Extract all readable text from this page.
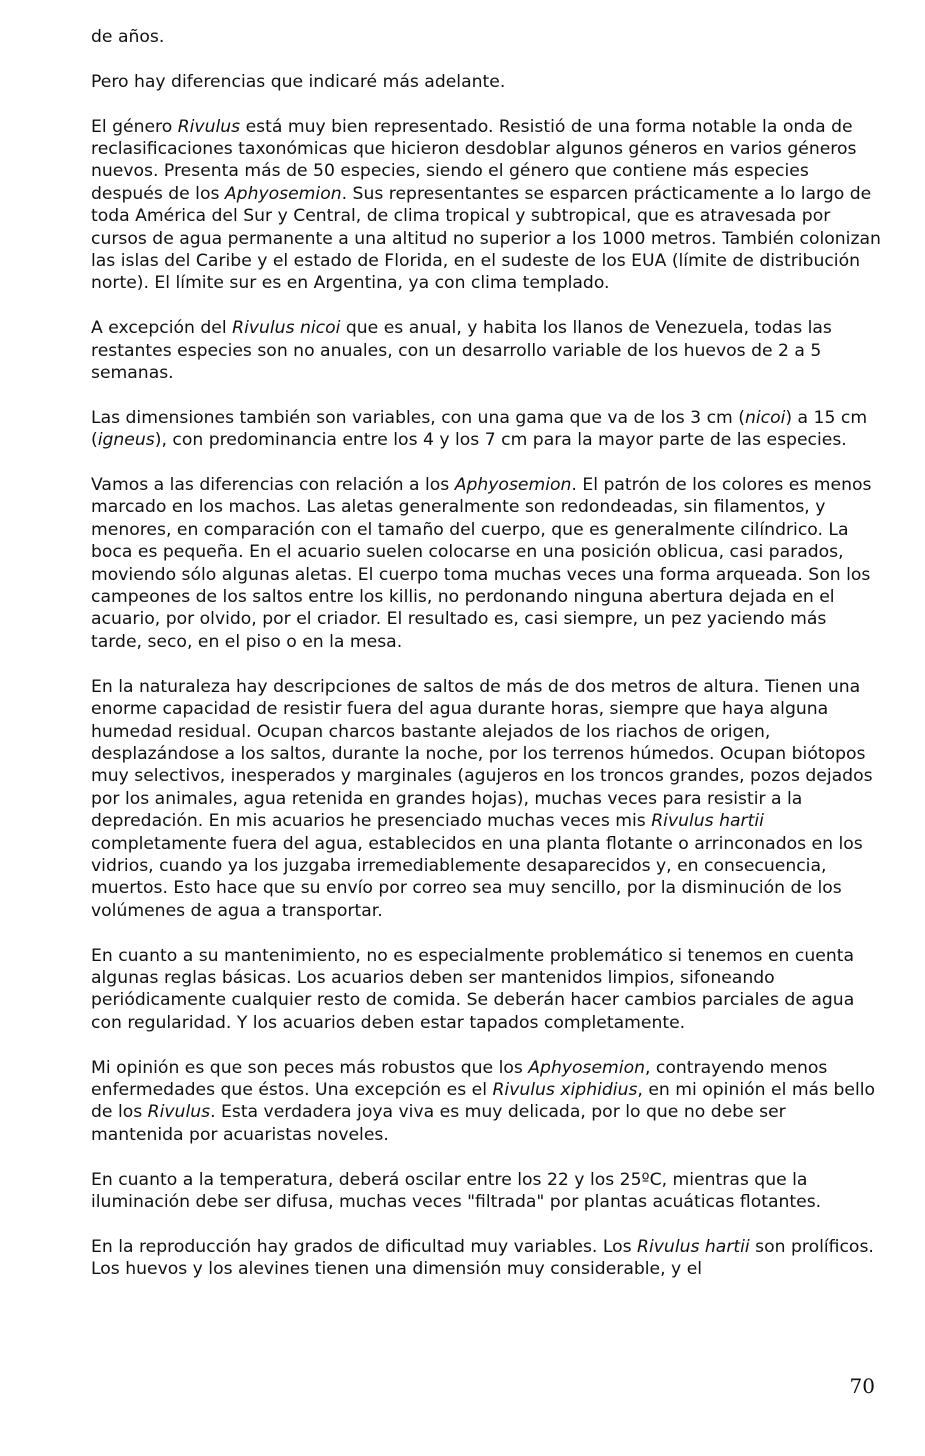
de años.

Pero hay diferencias que indicaré más adelante.

El género Rivulus está muy bien representado. Resistió de una forma notable la onda de reclasificaciones taxonómicas que hicieron desdoblar algunos géneros en varios géneros nuevos. Presenta más de 50 especies, siendo el género que contiene más especies después de los Aphyosemion. Sus representantes se esparcen prácticamente a lo largo de toda América del Sur y Central, de clima tropical y subtropical, que es atravesada por cursos de agua permanente a una altitud no superior a los 1000 metros. También colonizan las islas del Caribe y el estado de Florida, en el sudeste de los EUA (límite de distribución norte). El límite sur es en Argentina, ya con clima templado.

A excepción del Rivulus nicoi que es anual, y habita los llanos de Venezuela, todas las restantes especies son no anuales, con un desarrollo variable de los huevos de 2 a 5 semanas.

Las dimensiones también son variables, con una gama que va de los 3 cm (nicoi) a 15 cm (igneus), con predominancia entre los 4 y los 7 cm para la mayor parte de las especies.

Vamos a las diferencias con relación a los Aphyosemion. El patrón de los colores es menos marcado en los machos. Las aletas generalmente son redondeadas, sin filamentos, y menores, en comparación con el tamaño del cuerpo, que es generalmente cilíndrico. La boca es pequeña. En el acuario suelen colocarse en una posición oblicua, casi parados, moviendo sólo algunas aletas. El cuerpo toma muchas veces una forma arqueada. Son los campeones de los saltos entre los killis, no perdonando ninguna abertura dejada en el acuario, por olvido, por el criador. El resultado es, casi siempre, un pez yaciendo más tarde, seco, en el piso o en la mesa.

En la naturaleza hay descripciones de saltos de más de dos metros de altura. Tienen una enorme capacidad de resistir fuera del agua durante horas, siempre que haya alguna humedad residual. Ocupan charcos bastante alejados de los riachos de origen, desplazándose a los saltos, durante la noche, por los terrenos húmedos. Ocupan biótopos muy selectivos, inesperados y marginales (agujeros en los troncos grandes, pozos dejados por los animales, agua retenida en grandes hojas), muchas veces para resistir a la depredación. En mis acuarios he presenciado muchas veces mis Rivulus hartii completamente fuera del agua, establecidos en una planta flotante o arrinconados en los vidrios, cuando ya los juzgaba irremediablemente desaparecidos y, en consecuencia, muertos. Esto hace que su envío por correo sea muy sencillo, por la disminución de los volúmenes de agua a transportar.

En cuanto a su mantenimiento, no es especialmente problemático si tenemos en cuenta algunas reglas básicas. Los acuarios deben ser mantenidos limpios, sifoneando periódicamente cualquier resto de comida. Se deberán hacer cambios parciales de agua con regularidad. Y los acuarios deben estar tapados completamente.

Mi opinión es que son peces más robustos que los Aphyosemion, contrayendo menos enfermedades que éstos. Una excepción es el Rivulus xiphidius, en mi opinión el más bello de los Rivulus. Esta verdadera joya viva es muy delicada, por lo que no debe ser mantenida por acuaristas noveles.

En cuanto a la temperatura, deberá oscilar entre los 22 y los 25ºC, mientras que la iluminación debe ser difusa, muchas veces "filtrada" por plantas acuáticas flotantes.

En la reproducción hay grados de dificultad muy variables. Los Rivulus hartii son prolíficos. Los huevos y los alevines tienen una dimensión muy considerable, y el

70
